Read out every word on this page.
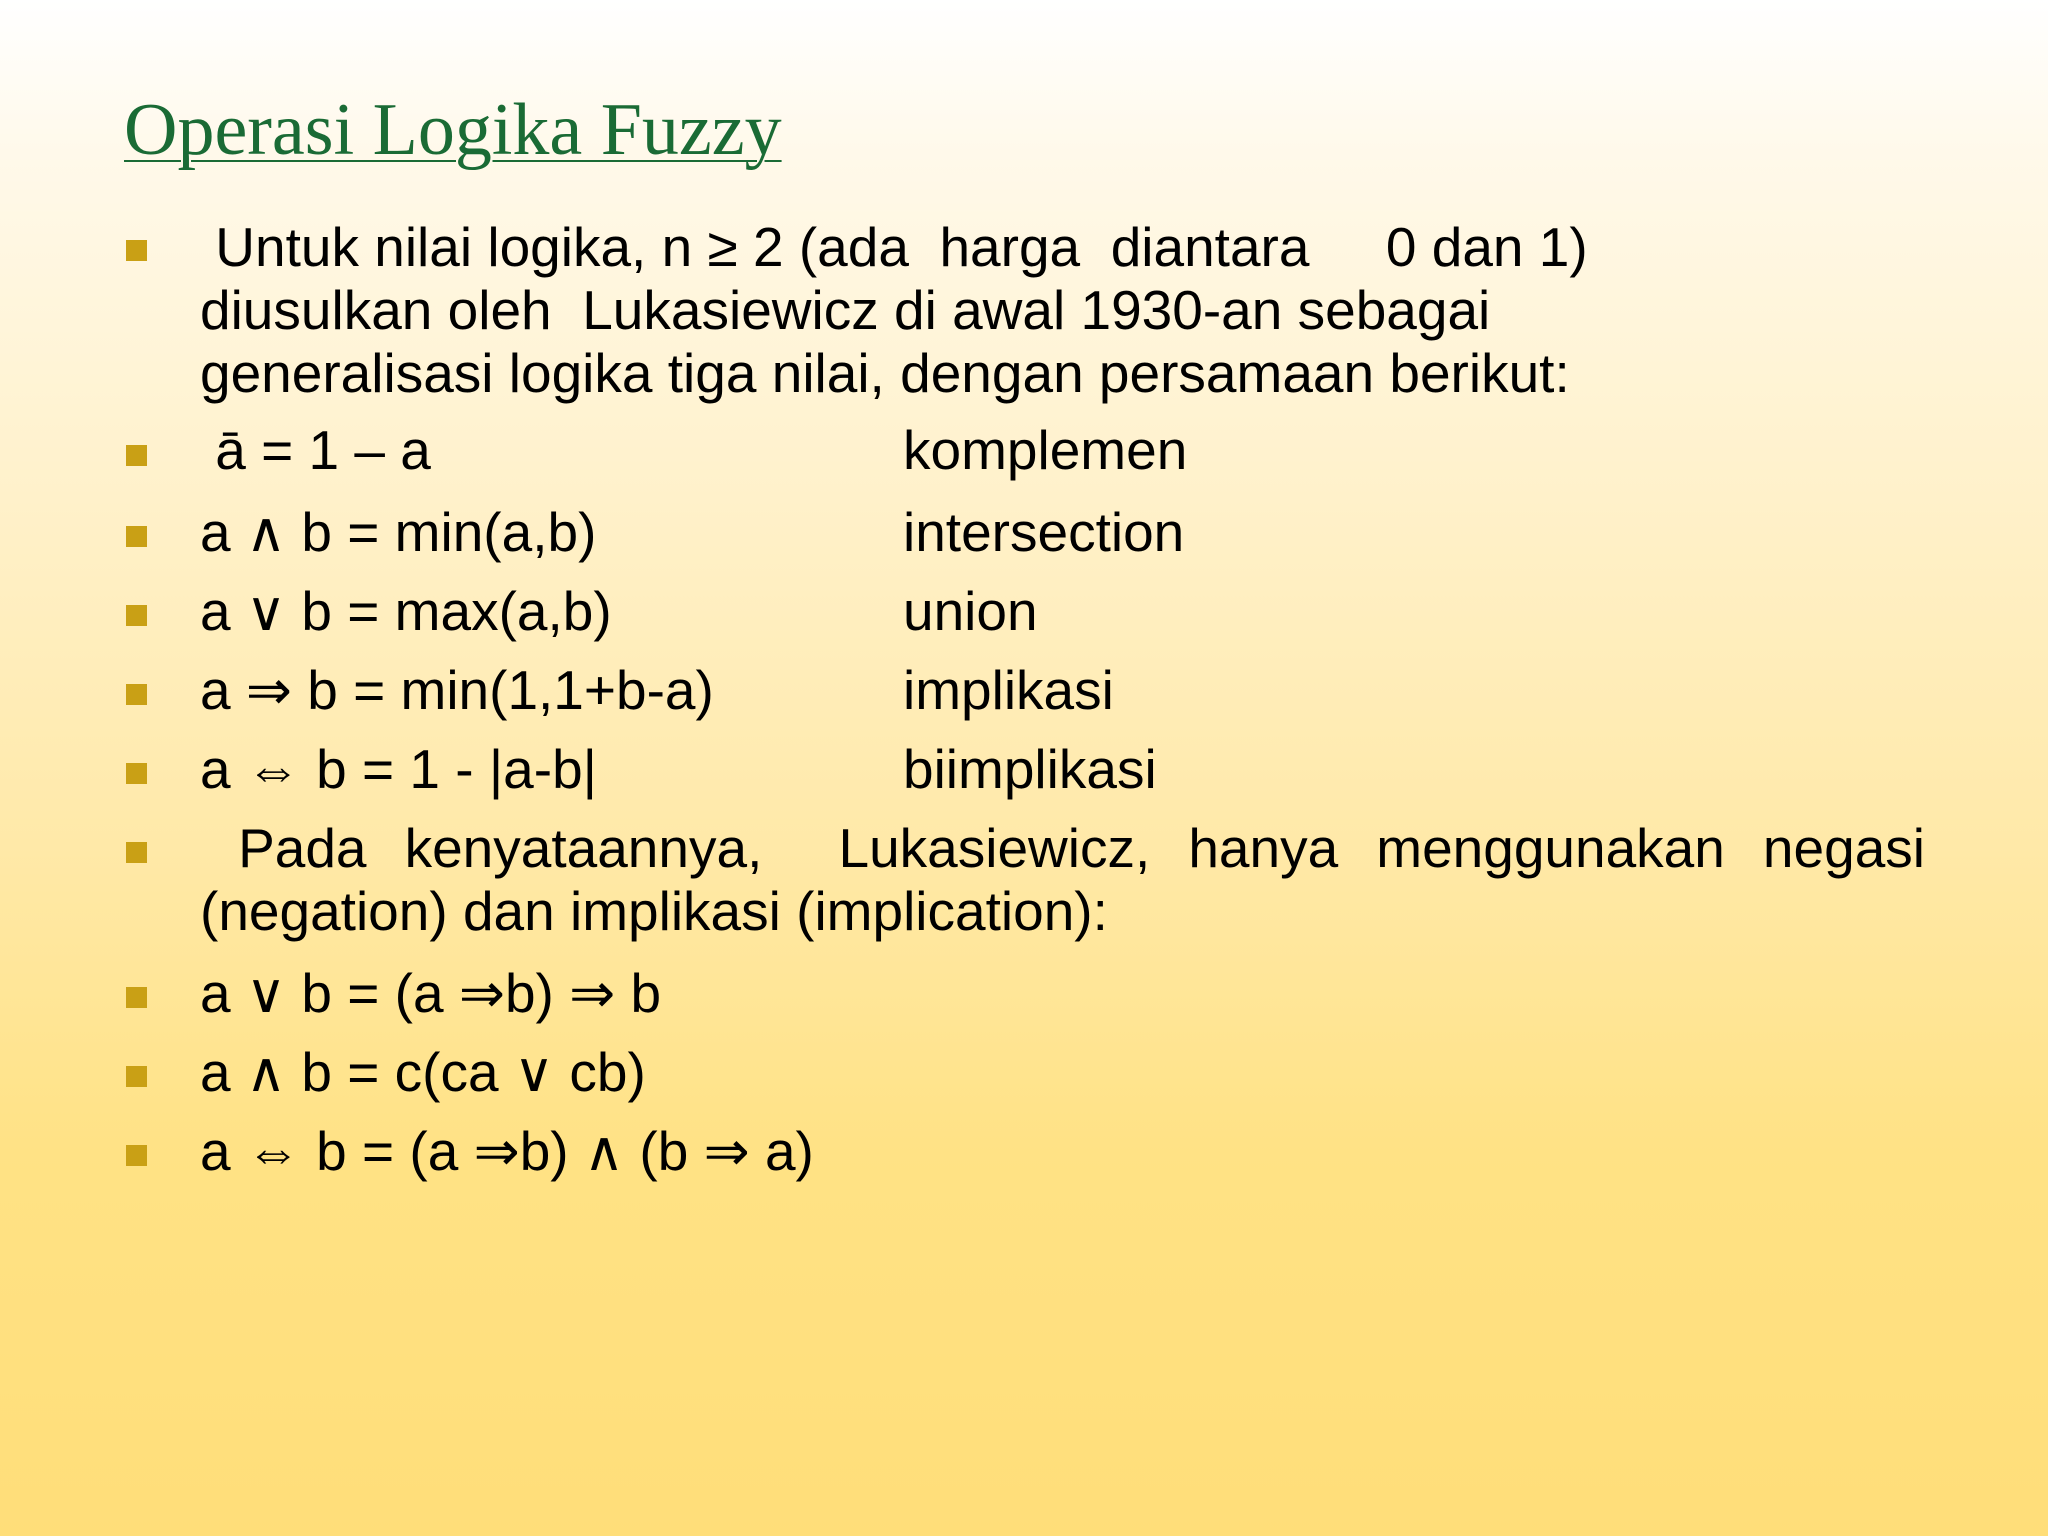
Operasi Logika Fuzzy
Untuk nilai logika, n ≥ 2 (ada  harga  diantara     0 dan 1)
diusulkan oleh  Lukasiewicz di awal 1930-an sebagai
generalisasi logika tiga nilai, dengan persamaan berikut:
ā = 1 – a	komplemen
a ∧ b = min(a,b)	intersection
a ∨ b = max(a,b)	union
a ⇒ b = min(1,1+b-a)	implikasi
a ⇔ b = 1 - |a-b|	biimplikasi
Pada kenyataannya,  Lukasiewicz, hanya menggunakan negasi
(negation) dan implikasi (implication):
a ∨ b = (a ⇒b) ⇒ b
a ∧ b = c(ca ∨ cb)
a ⇔ b = (a ⇒b) ∧ (b ⇒ a)
